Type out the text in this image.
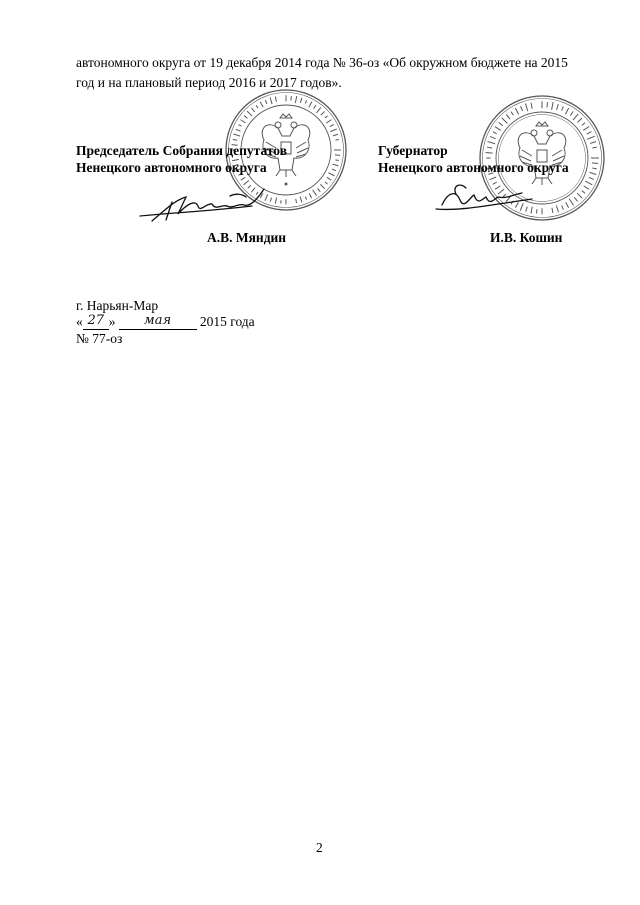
автономного округа от 19 декабря 2014 года № 36-оз «Об окружном бюджете на 2015
год и на плановый период 2016 и 2017 годов».
Председатель Собрания депутатов
Ненецкого автономного округа
А.В. Мяндин
Губернатор
Ненецкого автономного округа
И.В. Кошин
г. Нарьян-Мар
« 27 » мая 2015 года
№ 77-оз
2
